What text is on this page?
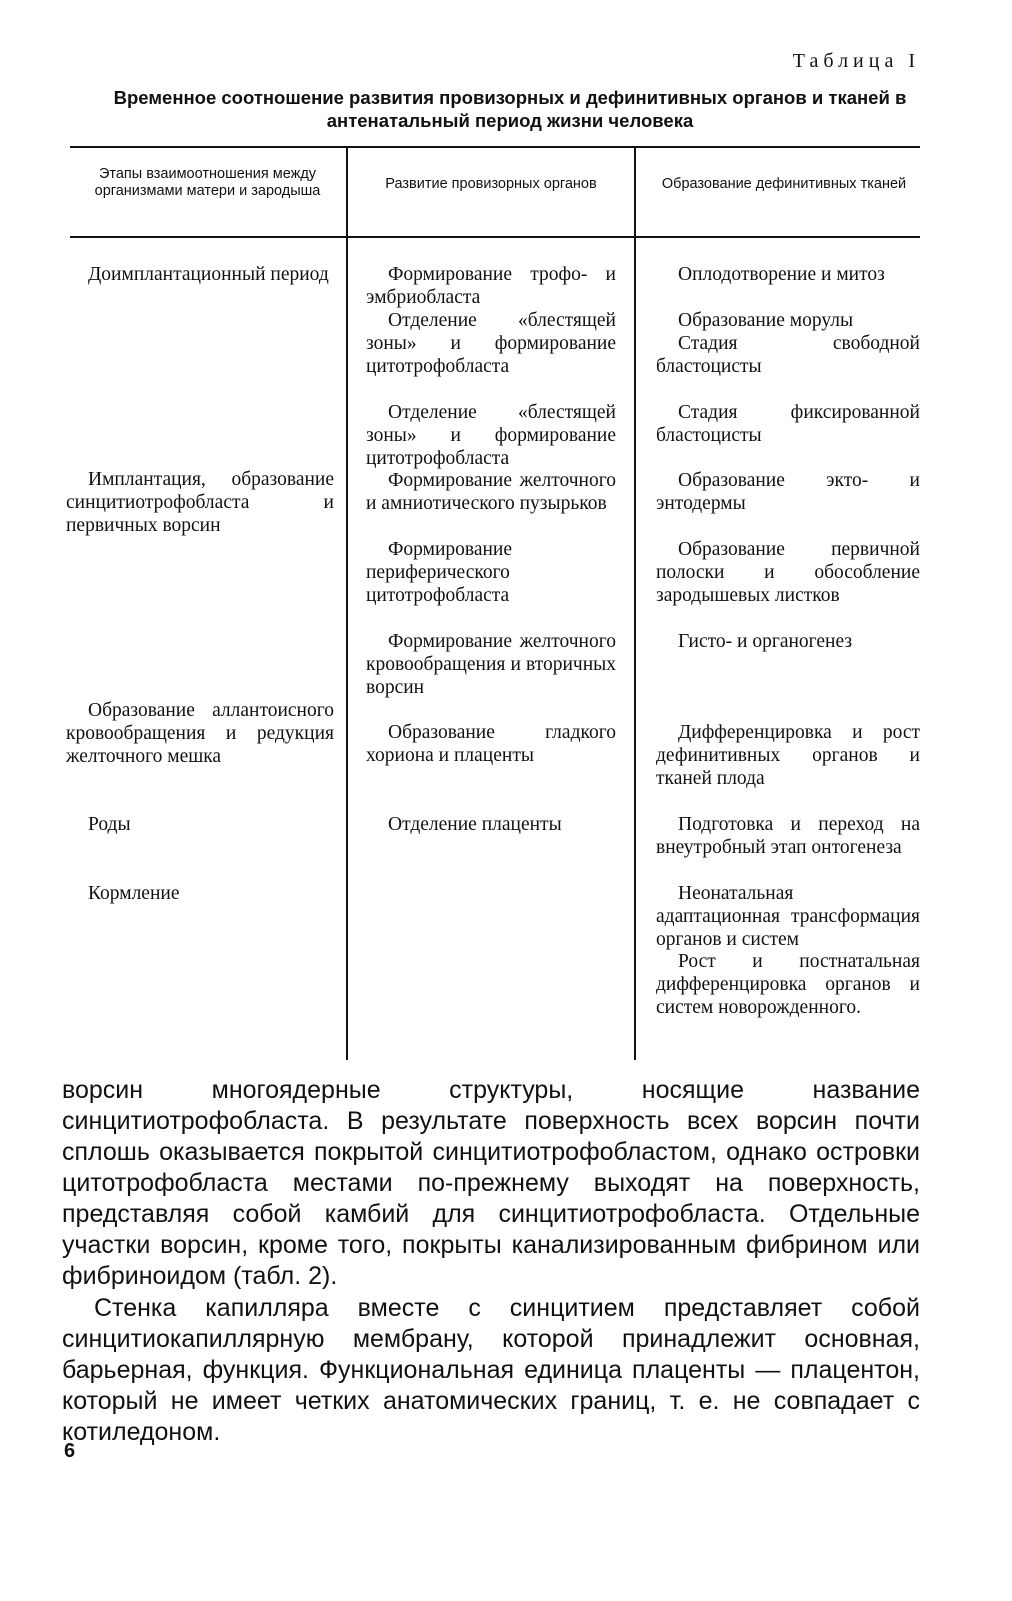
Таблица I
Временное соотношение развития провизорных и дефинитивных органов и тканей в антенатальный период жизни человека
Этапы взаимоотношения между организмами матери и зародыша	Развитие провизорных органов	Образование дефинитивных тканей
Доимплантационный период
Имплантация, образование синцитиотрофобласта и первичных ворсин
Образование аллантоисного кровообращения и редукция желточного мешка
Роды
Кормление
Формирование трофо- и эмбриобласта
Отделение «блестящей зоны» и формирование цитотрофобласта
Отделение «блестящей зоны» и формирование цитотрофобласта
Формирование желточного и амниотического пузырьков
Формирование периферического цитотрофобласта
Формирование желточного кровообращения и вторичных ворсин
Образование гладкого хориона и плаценты
Отделение плаценты
Оплодотворение и митоз
Образование морулы
Стадия свободной бластоцисты
Стадия фиксированной бластоцисты
Образование экто- и энтодермы
Образование первичной полоски и обособление зародышевых листков
Гисто- и органогенез
Дифференцировка и рост дефинитивных органов и тканей плода
Подготовка и переход на внеутробный этап онтогенеза
Неонатальная адаптационная трансформация органов и систем
Рост и постнатальная дифференцировка органов и систем новорожденного.
ворсин многоядерные структуры, носящие название синцитиотрофобласта. В результате поверхность всех ворсин почти сплошь оказывается покрытой синцитиотрофобластом, однако островки цитотрофобласта местами по-прежнему выходят на поверхность, представляя собой камбий для синцитиотрофобласта. Отдельные участки ворсин, кроме того, покрыты канализированным фибрином или фибриноидом (табл. 2).
Стенка капилляра вместе с синцитием представляет собой синцитиокапиллярную мембрану, которой принадлежит основная, барьерная, функция. Функциональная единица плаценты — плацентон, который не имеет четких анатомических границ, т. е. не совпадает с котиледоном.
6
